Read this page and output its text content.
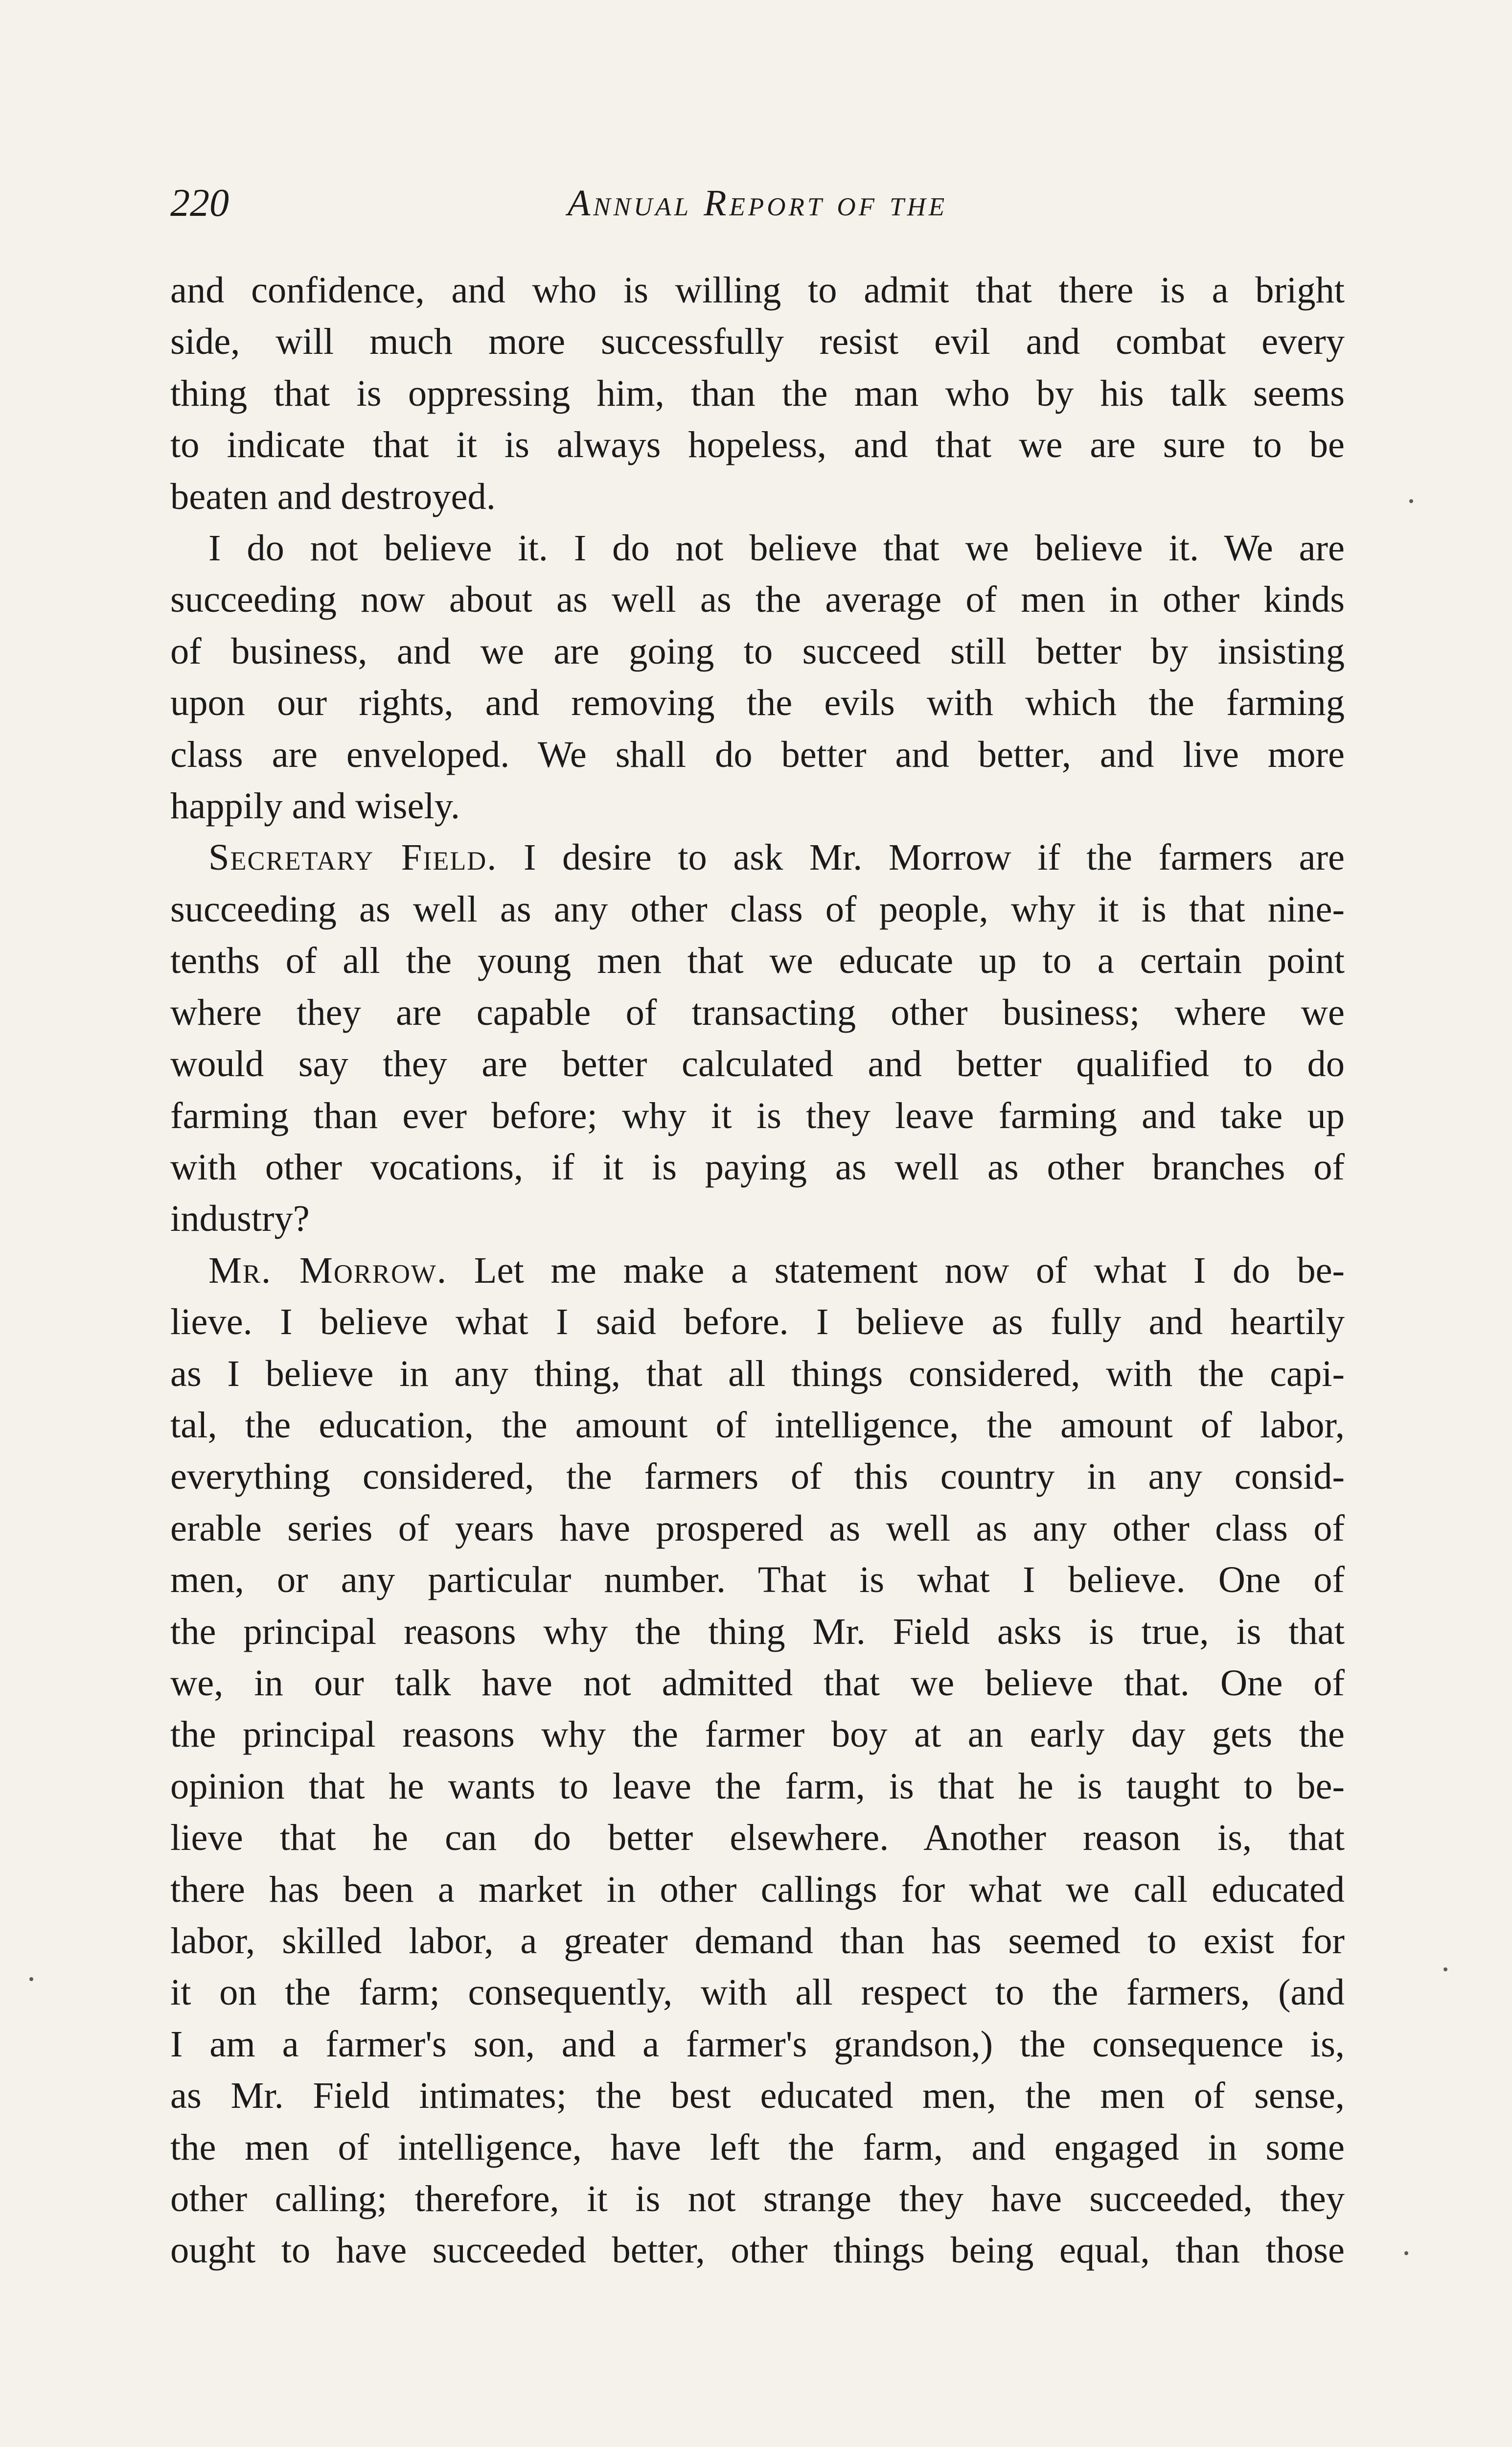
220	Annual Report of the

and confidence, and who is willing to admit that there is a bright
side, will much more successfully resist evil and combat every
thing that is oppressing him, than the man who by his talk seems
to indicate that it is always hopeless, and that we are sure to be
beaten and destroyed.

I do not believe it. I do not believe that we believe it. We are
succeeding now about as well as the average of men in other kinds
of business, and we are going to succeed still better by insisting
upon our rights, and removing the evils with which the farming
class are enveloped. We shall do better and better, and live more
happily and wisely.

Secretary Field. I desire to ask Mr. Morrow if the farmers are
succeeding as well as any other class of people, why it is that nine-
tenths of all the young men that we educate up to a certain point
where they are capable of transacting other business; where we
would say they are better calculated and better qualified to do
farming than ever before; why it is they leave farming and take up
with other vocations, if it is paying as well as other branches of
industry?

Mr. Morrow. Let me make a statement now of what I do be-
lieve. I believe what I said before. I believe as fully and heartily
as I believe in any thing, that all things considered, with the capi-
tal, the education, the amount of intelligence, the amount of labor,
everything considered, the farmers of this country in any consid-
erable series of years have prospered as well as any other class of
men, or any particular number. That is what I believe. One of
the principal reasons why the thing Mr. Field asks is true, is that
we, in our talk have not admitted that we believe that. One of
the principal reasons why the farmer boy at an early day gets the
opinion that he wants to leave the farm, is that he is taught to be-
lieve that he can do better elsewhere. Another reason is, that
there has been a market in other callings for what we call educated
labor, skilled labor, a greater demand than has seemed to exist for
it on the farm; consequently, with all respect to the farmers, (and
I am a farmer's son, and a farmer's grandson,) the consequence is,
as Mr. Field intimates; the best educated men, the men of sense,
the men of intelligence, have left the farm, and engaged in some
other calling; therefore, it is not strange they have succeeded, they
ought to have succeeded better, other things being equal, than those
